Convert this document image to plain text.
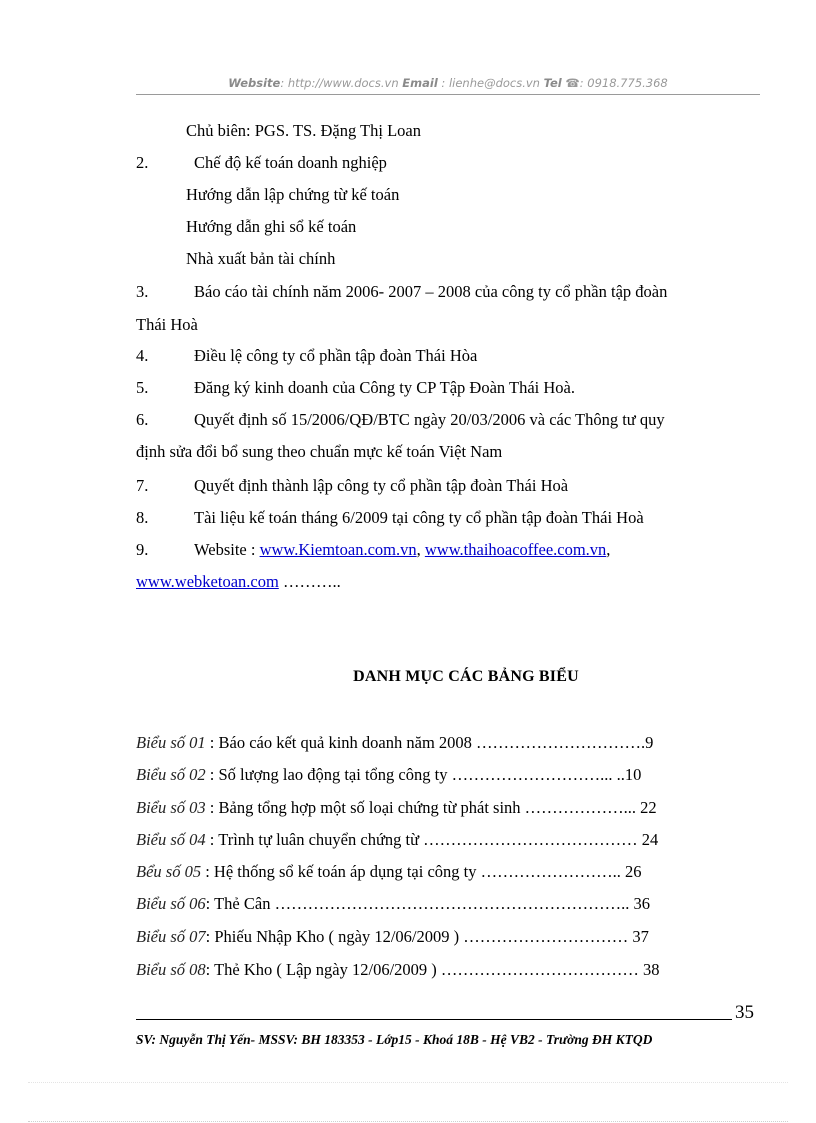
Website: http://www.docs.vn Email : lienhe@docs.vn Tel ☎: 0918.775.368
Chủ biên: PGS. TS. Đặng Thị Loan
2.	Chế độ kế toán doanh nghiệp
Hướng dẫn lập chứng từ kế toán
Hướng dẫn ghi sổ kế toán
Nhà xuất bản tài chính
3.	Báo cáo tài chính năm 2006- 2007 – 2008 của công ty cổ phần tập đoàn
Thái Hoà
4.	Điều lệ công ty cổ phần tập đoàn Thái Hòa
5.	Đăng ký kinh doanh của Công ty CP Tập Đoàn Thái Hoà.
6.	Quyết định số 15/2006/QĐ/BTC ngày 20/03/2006 và các Thông tư quy
định sửa đổi bổ sung theo chuẩn mực kế toán Việt Nam
7.	Quyết định thành lập công ty cổ phần tập đoàn Thái Hoà
8.	Tài liệu kế toán tháng 6/2009 tại công ty cổ phần tập đoàn Thái Hoà
9.	Website : www.Kiemtoan.com.vn, www.thaihoacoffee.com.vn,
www.webketoan.com ………..
DANH MỤC CÁC BẢNG BIỂU
Biểu số 01 : Báo cáo kết quả kinh doanh năm 2008 ………………………….9
Biểu số 02 : Số lượng lao động tại tổng công ty ………………………... ..10
Biểu số 03 : Bảng tổng hợp một số loại chứng từ phát sinh ………………... 22
Biểu số 04 : Trình tự luân chuyển chứng từ ………………………………… 24
Bểu số 05 : Hệ thống sổ kế toán áp dụng tại công ty …………………….. 26
Biểu số 06: Thẻ Cân ……………………………………………………….. 36
Biểu số 07: Phiếu Nhập Kho ( ngày 12/06/2009 ) ………………………… 37
Biểu số 08: Thẻ Kho ( Lập ngày 12/06/2009 ) ……………………………… 38
35
SV: Nguyễn Thị Yến- MSSV: BH 183353 - Lớp15 - Khoá 18B - Hệ VB2 - Trường ĐH KTQD
